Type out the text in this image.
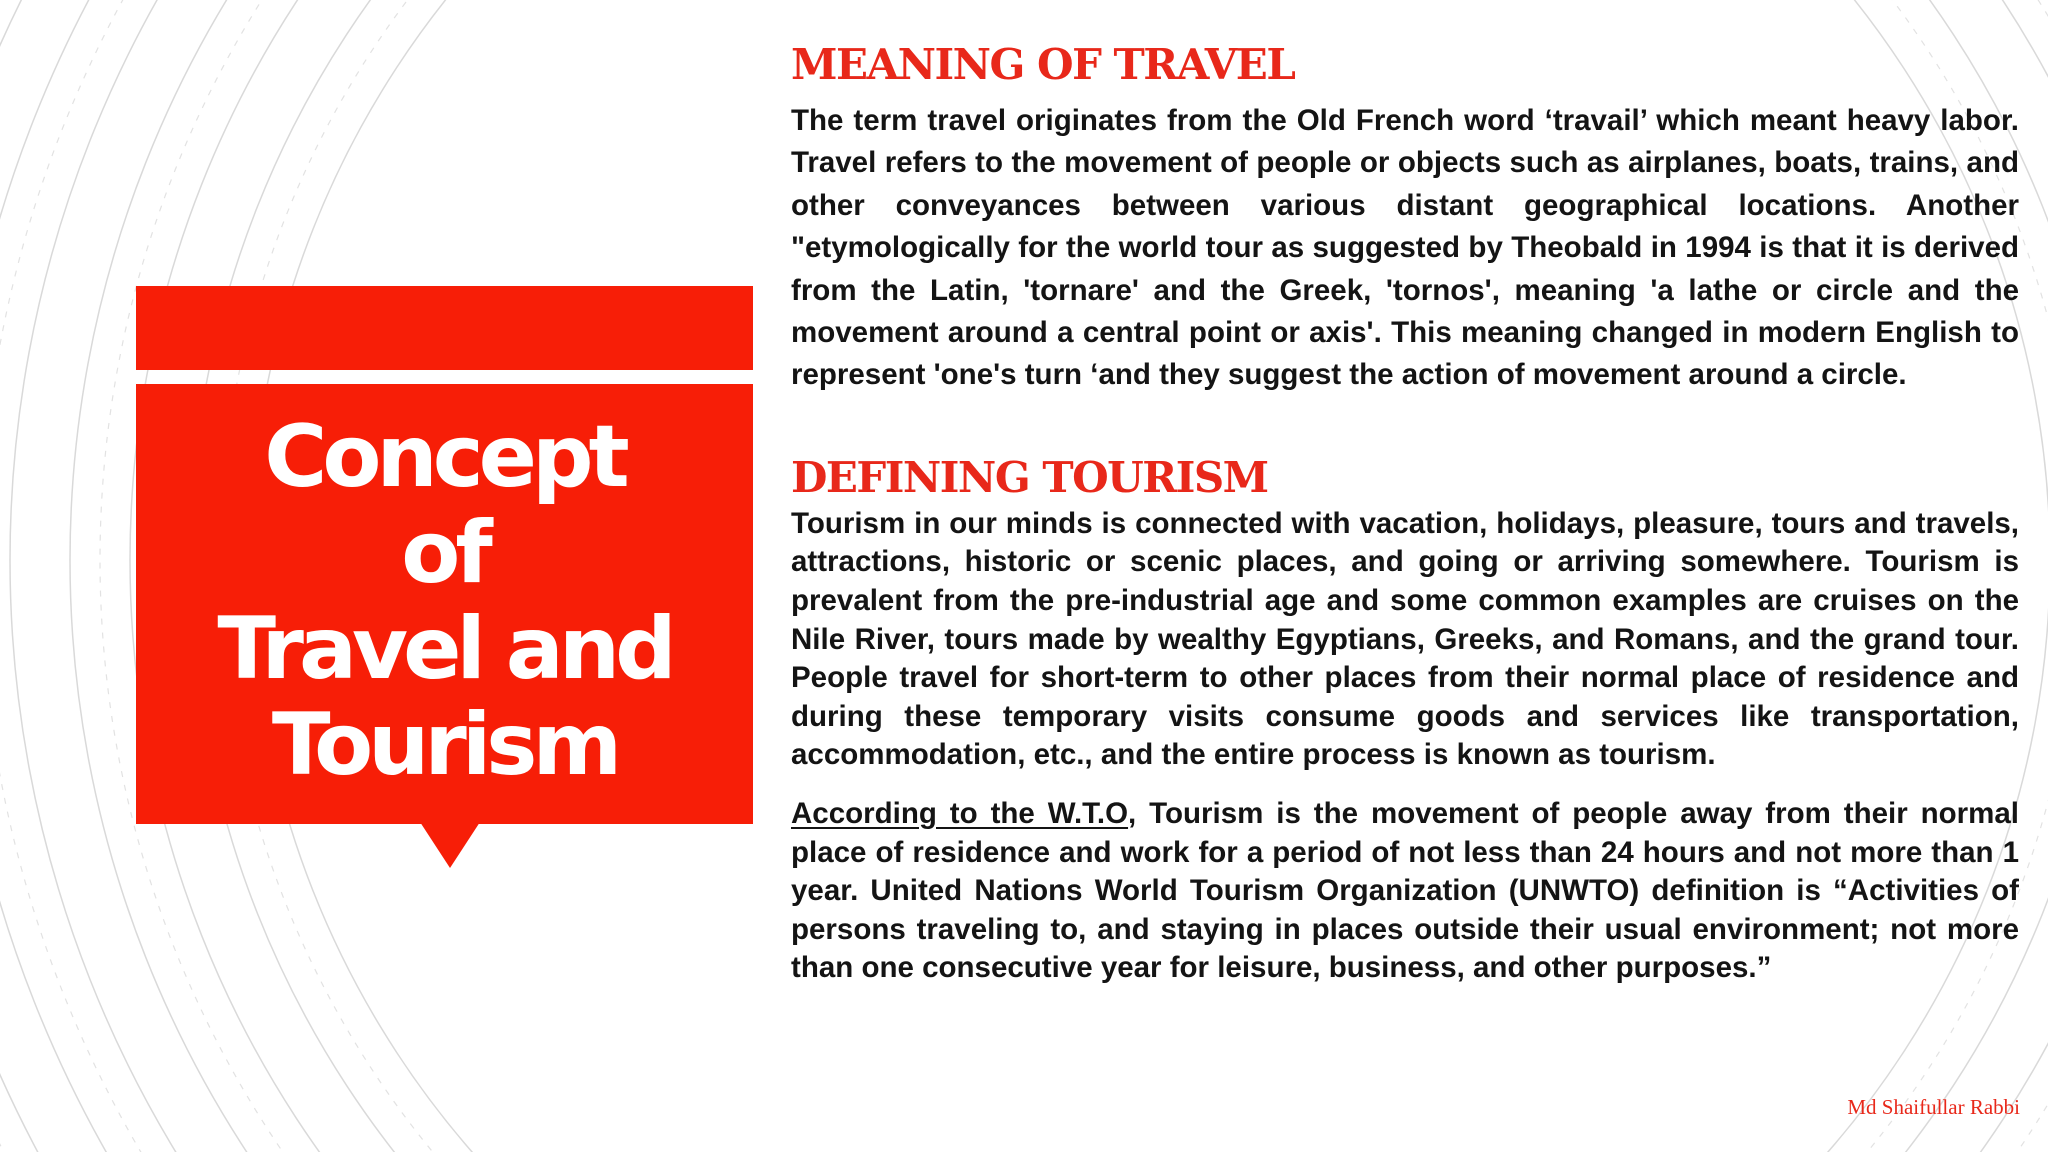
Concept
of
Travel and
Tourism
MEANING OF TRAVEL

The term travel originates from the Old French word ‘travail’ which meant heavy labor. Travel refers to the movement of people or objects such as airplanes, boats, trains, and other conveyances between various distant geographical locations. Another "etymologically for the world tour as suggested by Theobald in 1994 is that it is derived from the Latin, 'tornare' and the Greek, 'tornos', meaning 'a lathe or circle and the movement around a central point or axis'. This meaning changed in modern English to represent 'one's turn ‘and they suggest the action of movement around a circle.

DEFINING TOURISM

Tourism in our minds is connected with vacation, holidays, pleasure, tours and travels, attractions, historic or scenic places, and going or arriving somewhere. Tourism is prevalent from the pre-industrial age and some common examples are cruises on the Nile River, tours made by wealthy Egyptians, Greeks, and Romans, and the grand tour. People travel for short-term to other places from their normal place of residence and during these temporary visits consume goods and services like transportation, accommodation, etc., and the entire process is known as tourism.

According to the W.T.O, Tourism is the movement of people away from their normal place of residence and work for a period of not less than 24 hours and not more than 1 year. United Nations World Tourism Organization (UNWTO) definition is “Activities of persons traveling to, and staying in places outside their usual environment; not more than one consecutive year for leisure, business, and other purposes.”

Md Shaifullar Rabbi
